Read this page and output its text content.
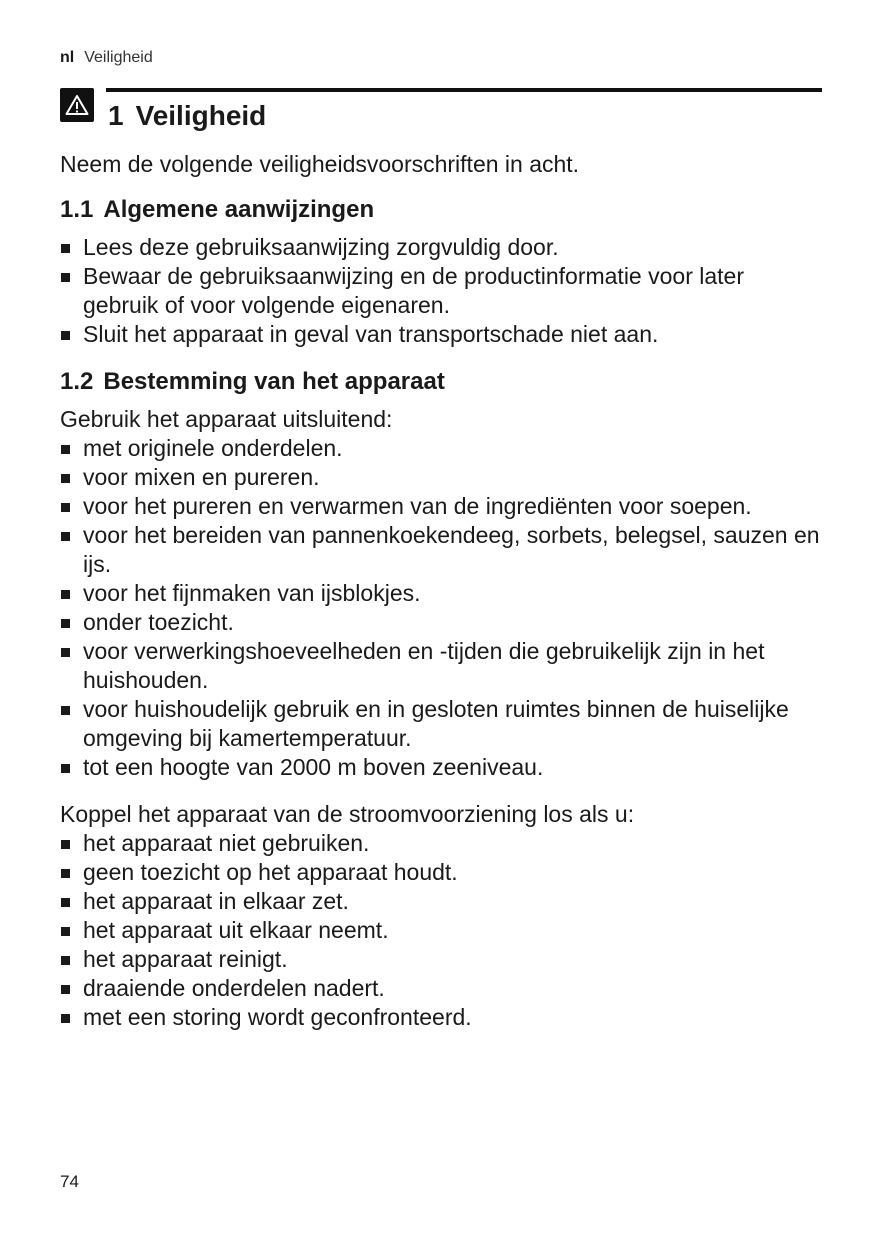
nl Veiligheid
1 Veiligheid

Neem de volgende veiligheidsvoorschriften in acht.

1.1 Algemene aanwijzingen
Lees deze gebruiksaanwijzing zorgvuldig door.
Bewaar de gebruiksaanwijzing en de productinformatie voor later gebruik of voor volgende eigenaren.
Sluit het apparaat in geval van transportschade niet aan.
1.2 Bestemming van het apparaat

Gebruik het apparaat uitsluitend:

met originele onderdelen.
voor mixen en pureren.
voor het pureren en verwarmen van de ingrediënten voor soepen.
voor het bereiden van pannenkoekendeeg, sorbets, belegsel, sauzen en ijs.
voor het fijnmaken van ijsblokjes.
onder toezicht.
voor verwerkingshoeveelheden en -tijden die gebruikelijk zijn in het huishouden.
voor huishoudelijk gebruik en in gesloten ruimtes binnen de huiselijke omgeving bij kamertemperatuur.
tot een hoogte van 2000 m boven zeeniveau.

Koppel het apparaat van de stroomvoorziening los als u:

het apparaat niet gebruiken.
geen toezicht op het apparaat houdt.
het apparaat in elkaar zet.
het apparaat uit elkaar neemt.
het apparaat reinigt.
draaiende onderdelen nadert.
met een storing wordt geconfronteerd.
74
